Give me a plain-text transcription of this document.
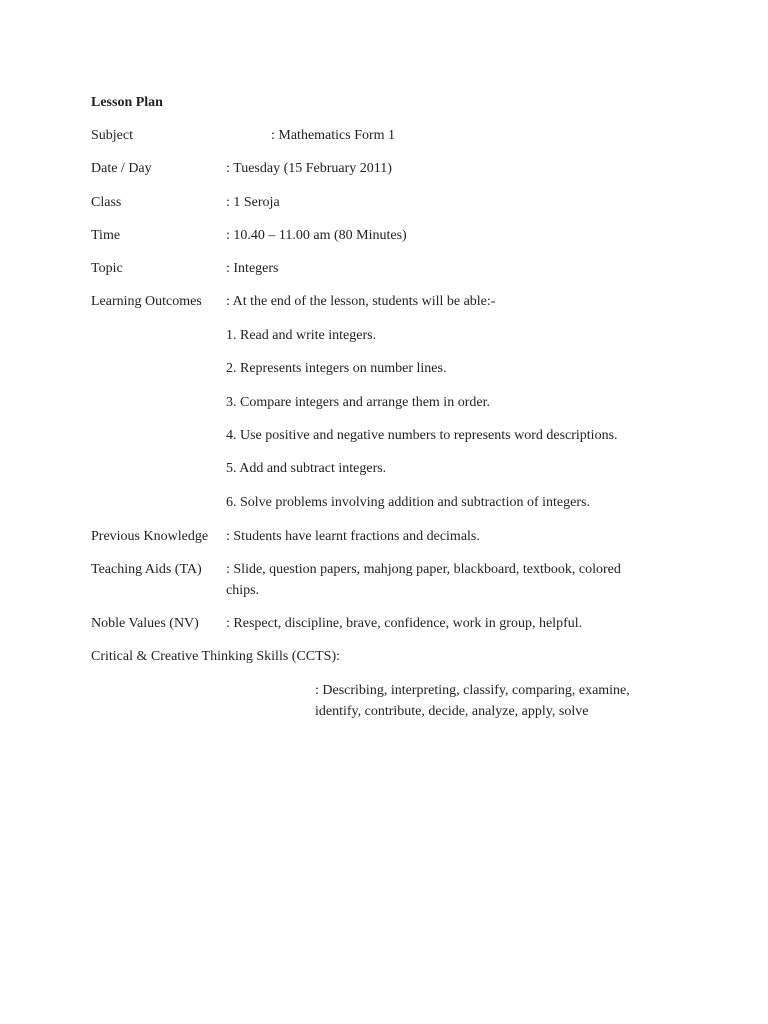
Lesson Plan
Subject	: Mathematics Form 1
Date / Day	: Tuesday (15 February 2011)
Class	: 1 Seroja
Time	: 10.40 – 11.00 am (80 Minutes)
Topic	: Integers
Learning Outcomes : At the end of the lesson, students will be able:-
1. Read and write integers.
2. Represents integers on number lines.
3. Compare integers and arrange them in order.
4. Use positive and negative numbers to represents word descriptions.
5. Add and subtract integers.
6. Solve problems involving addition and subtraction of integers.
Previous Knowledge : Students have learnt fractions and decimals.
Teaching Aids (TA) : Slide, question papers, mahjong paper, blackboard, textbook, colored
chips.
Noble Values (NV) : Respect, discipline, brave, confidence, work in group, helpful.
Critical & Creative Thinking Skills (CCTS):
: Describing, interpreting, classify, comparing, examine,
identify, contribute, decide, analyze, apply, solve
